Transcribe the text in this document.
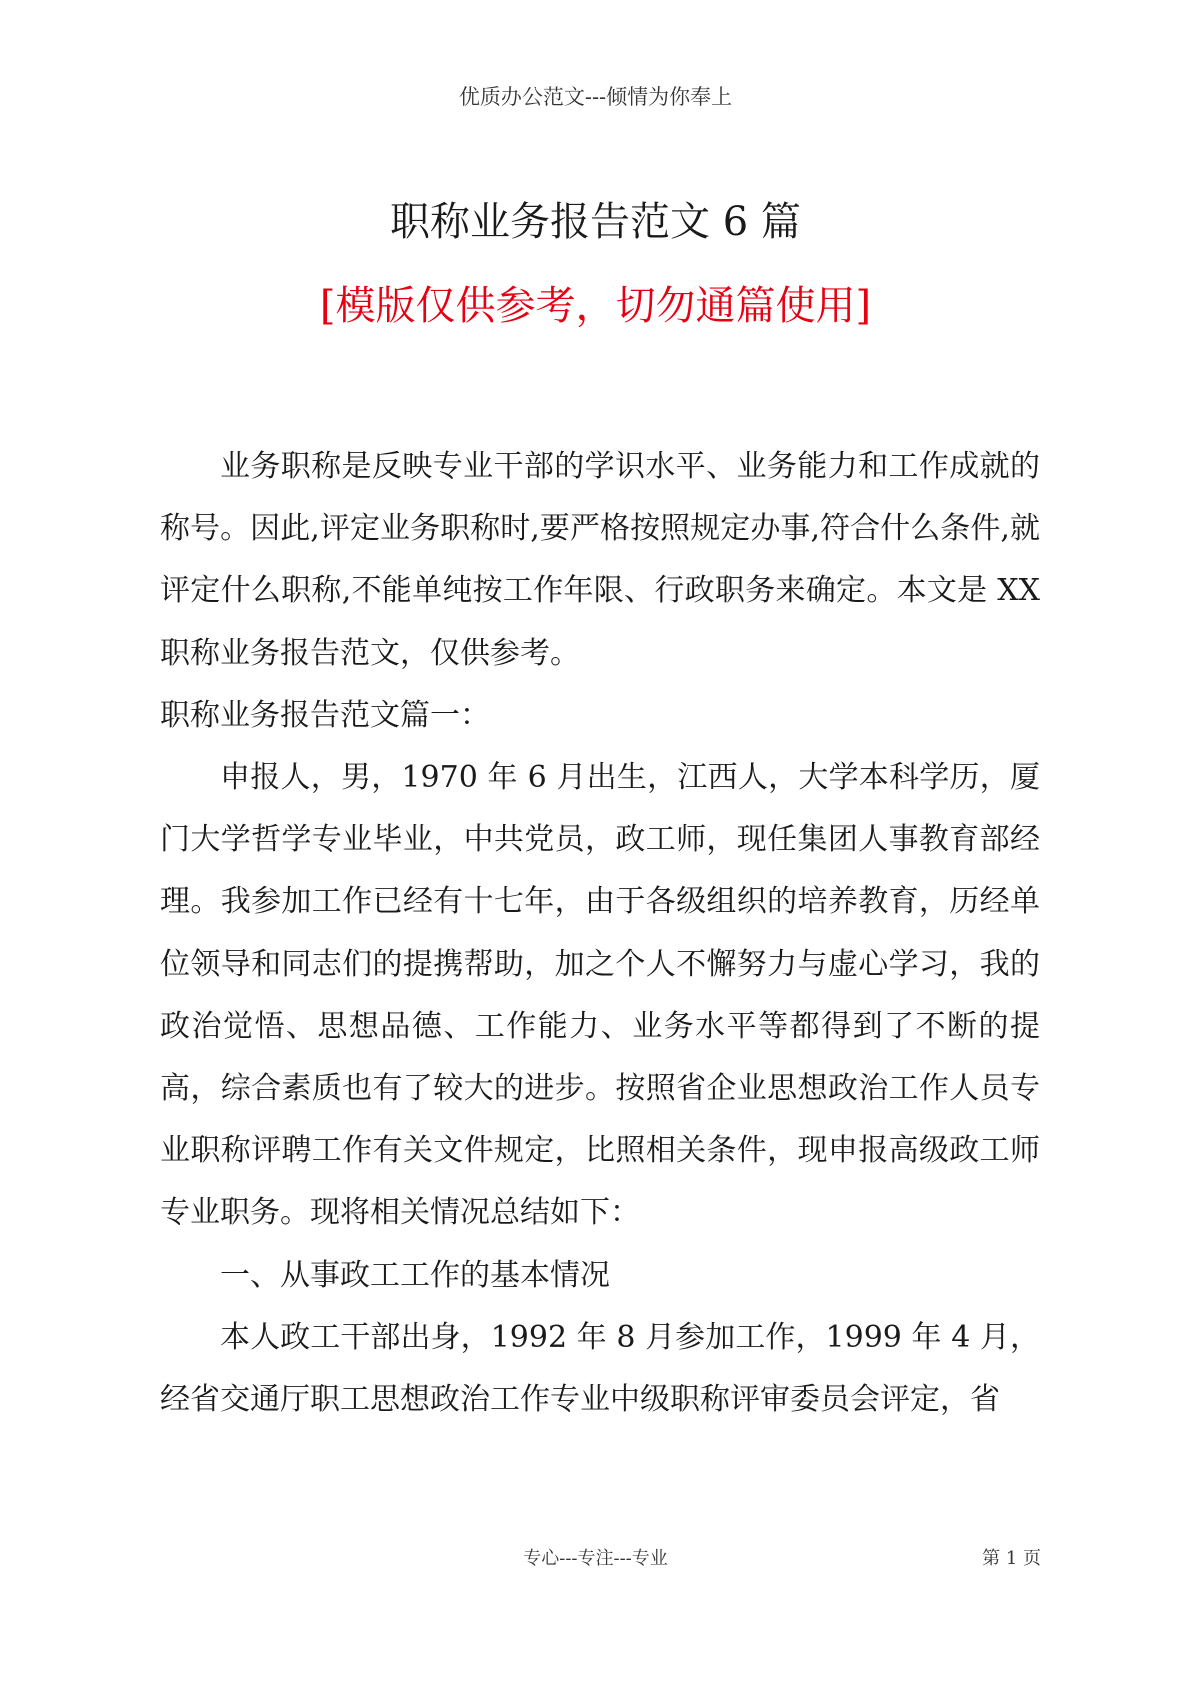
优质办公范文---倾情为你奉上
职称业务报告范文 6 篇
[模版仅供参考，切勿通篇使用]

业务职称是反映专业干部的学识水平、业务能力和工作成就的称号。因此,评定业务职称时,要严格按照规定办事,符合什么条件,就评定什么职称,不能单纯按工作年限、行政职务来确定。本文是 XX 职称业务报告范文，仅供参考。

职称业务报告范文篇一：

申报人，男，1970 年 6 月出生，江西人，大学本科学历，厦门大学哲学专业毕业，中共党员，政工师，现任集团人事教育部经理。我参加工作已经有十七年，由于各级组织的培养教育，历经单位领导和同志们的提携帮助，加之个人不懈努力与虚心学习，我的政治觉悟、思想品德、工作能力、业务水平等都得到了不断的提高，综合素质也有了较大的进步。按照省企业思想政治工作人员专业职称评聘工作有关文件规定，比照相关条件，现申报高级政工师专业职务。现将相关情况总结如下：

一、从事政工工作的基本情况

本人政工干部出身，1992 年 8 月参加工作，1999 年 4 月，经省交通厅职工思想政治工作专业中级职称评审委员会评定，省

专心---专注---专业	第 1 页
